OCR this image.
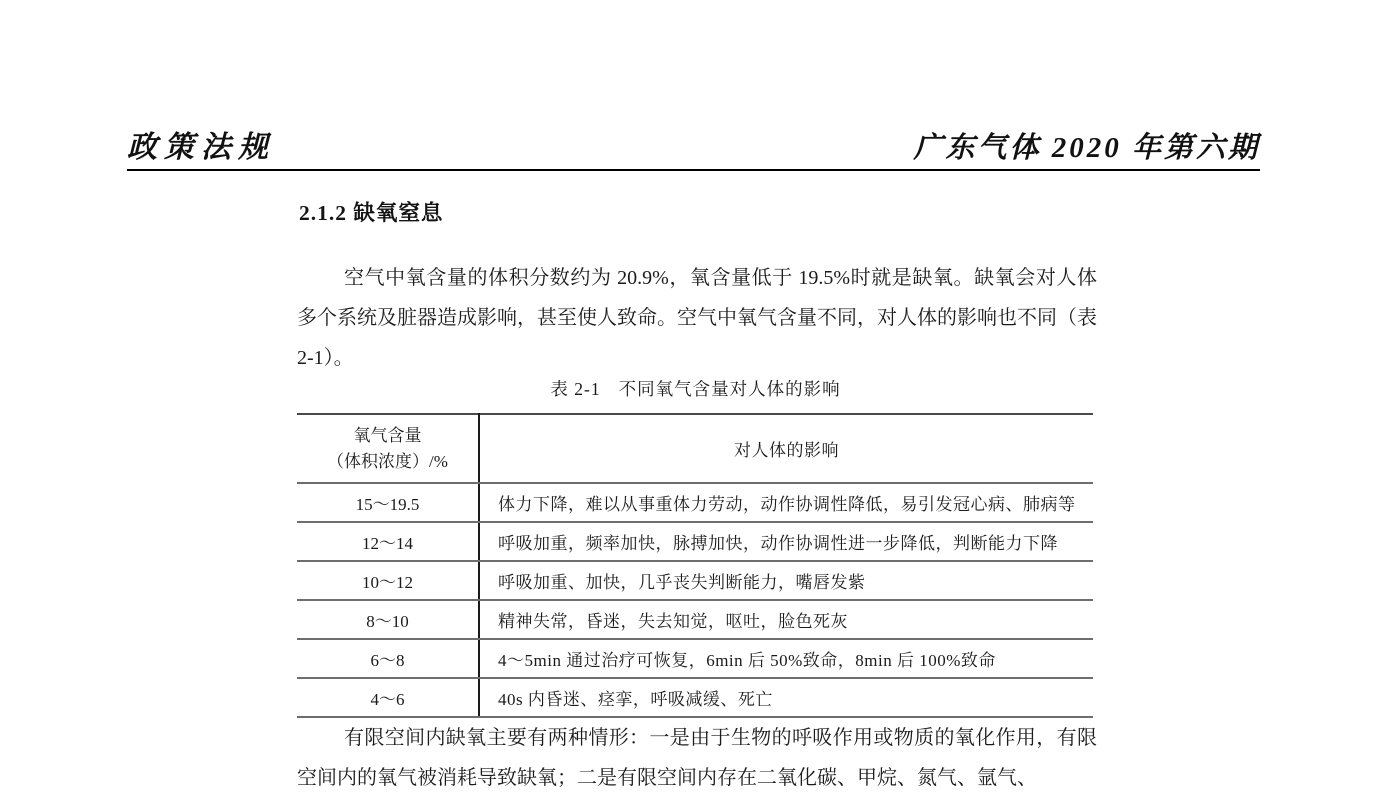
政策法规	广东气体 2020 年第六期
2.1.2 缺氧窒息

空气中氧含量的体积分数约为 20.9%，氧含量低于 19.5%时就是缺氧。缺氧会对人体多个系统及脏器造成影响，甚至使人致命。空气中氧气含量不同，对人体的影响也不同（表 2-1）。

表 2-1 不同氧气含量对人体的影响
氧气含量
（体积浓度）/%	对人体的影响
15～19.5	体力下降，难以从事重体力劳动，动作协调性降低，易引发冠心病、肺病等
12～14	呼吸加重，频率加快，脉搏加快，动作协调性进一步降低，判断能力下降
10～12	呼吸加重、加快，几乎丧失判断能力，嘴唇发紫
8～10	精神失常，昏迷，失去知觉，呕吐，脸色死灰
6～8	4～5min 通过治疗可恢复，6min 后 50%致命，8min 后 100%致命
4～6	40s 内昏迷、痉挛，呼吸减缓、死亡

有限空间内缺氧主要有两种情形：一是由于生物的呼吸作用或物质的氧化作用，有限空间内的氧气被消耗导致缺氧；二是有限空间内存在二氧化碳、甲烷、氮气、氩气、
